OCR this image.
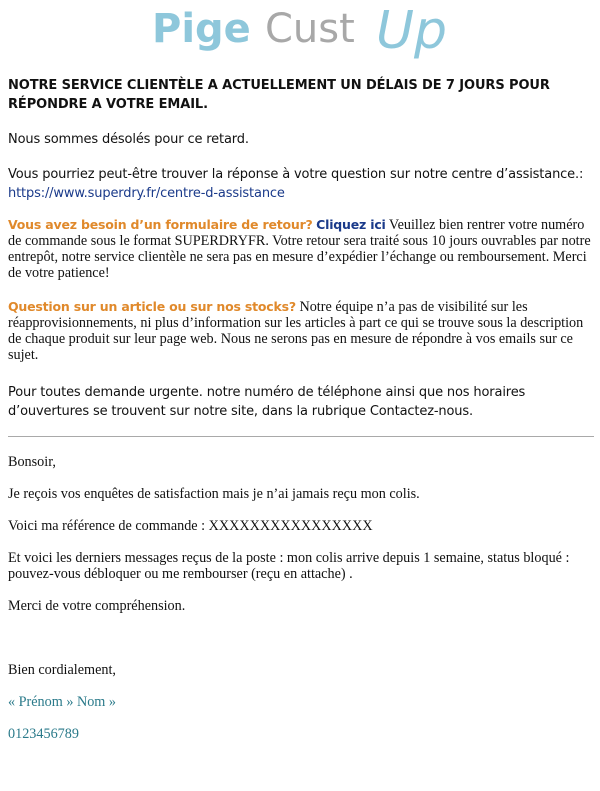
Pige Cust Up

NOTRE SERVICE CLIENTÈLE A ACTUELLEMENT UN DÉLAIS DE 7 JOURS POUR RÉPONDRE A VOTRE EMAIL.

Nous sommes désolés pour ce retard.

Vous pourriez peut-être trouver la réponse à votre question sur notre centre d’assistance.:
https://www.superdry.fr/centre-d-assistance

Vous avez besoin d’un formulaire de retour? Cliquez ici Veuillez bien rentrer votre numéro de commande sous le format SUPERDRYFR. Votre retour sera traité sous 10 jours ouvrables par notre entrepôt, notre service clientèle ne sera pas en mesure d’expédier l’échange ou remboursement. Merci de votre patience!

Question sur un article ou sur nos stocks? Notre équipe n’a pas de visibilité sur les réapprovisionnements, ni plus d’information sur les articles à part ce qui se trouve sous la description de chaque produit sur leur page web. Nous ne serons pas en mesure de répondre à vos emails sur ce sujet.

Pour toutes demande urgente. notre numéro de téléphone ainsi que nos horaires d’ouvertures se trouvent sur notre site, dans la rubrique Contactez-nous.

Bonsoir,

Je reçois vos enquêtes de satisfaction mais je n’ai jamais reçu mon colis.

Voici ma référence de commande : XXXXXXXXXXXXXXXX

Et voici les derniers messages reçus de la poste : mon colis arrive depuis 1 semaine, status bloqué : pouvez-vous débloquer ou me rembourser (reçu en attache) .

Merci de votre compréhension.

Bien cordialement,

« Prénom » Nom »

0123456789
